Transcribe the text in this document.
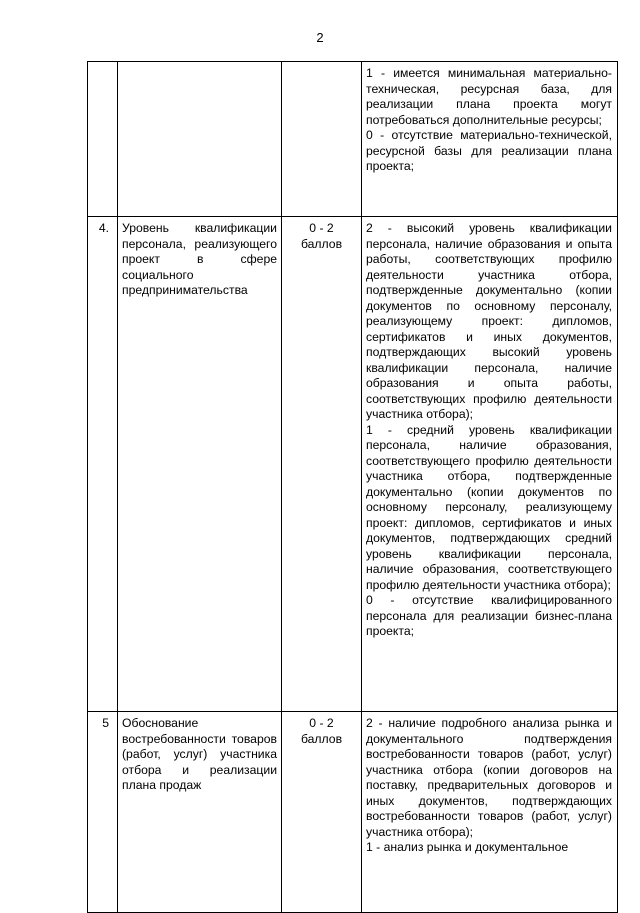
2

			1 - имеется минимальная материально-техническая, ресурсная база, для реализации плана проекта могут потребоваться дополнительные ресурсы;
0 - отсутствие материально-технической, ресурсной базы для реализации плана проекта;

4.	Уровень квалификации персонала, реализующего проект в сфере социального предпринимательства	0 - 2 баллов	2 - высокий уровень квалификации персонала, наличие образования и опыта работы, соответствующих профилю деятельности участника отбора, подтвержденные документально (копии документов по основному персоналу, реализующему проект: дипломов, сертификатов и иных документов, подтверждающих высокий уровень квалификации персонала, наличие образования и опыта работы, соответствующих профилю деятельности участника отбора);
1 - средний уровень квалификации персонала, наличие образования, соответствующего профилю деятельности участника отбора, подтвержденные документально (копии документов по основному персоналу, реализующему проект: дипломов, сертификатов и иных документов, подтверждающих средний уровень квалификации персонала, наличие образования, соответствующего профилю деятельности участника отбора);
0 - отсутствие квалифицированного персонала для реализации бизнес-плана проекта;

5	Обоснование востребованности товаров (работ, услуг) участника отбора и реализации плана продаж	0 - 2 баллов	2 - наличие подробного анализа рынка и документального подтверждения востребованности товаров (работ, услуг) участника отбора (копии договоров на поставку, предварительных договоров и иных документов, подтверждающих востребованности товаров (работ, услуг) участника отбора);
1 - анализ рынка и документальное
